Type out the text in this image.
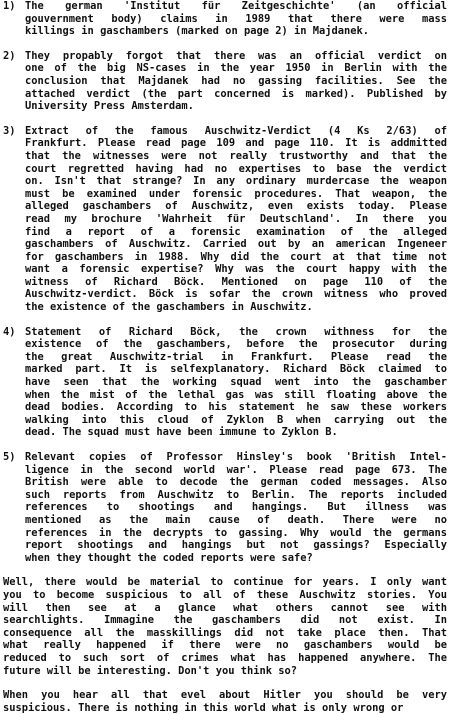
1) The german 'Institut für Zeitgeschichte' (an official
gouvernment body) claims in 1989 that there were mass
killings in gaschambers (marked on page 2) in Majdanek.
2) They propably forgot that there was an official verdict on
one of the big NS-cases in the year 1950 in Berlin with the
conclusion that Majdanek had no gassing facilities. See the
attached verdict (the part concerned is marked). Published by
University Press Amsterdam.
3) Extract of the famous Auschwitz-Verdict (4 Ks 2/63) of
Frankfurt. Please read page 109 and page 110. It is addmitted
that the witnesses were not really trustworthy and that the
court regretted having had no expertises to base the verdict
on. Isn't that strange? In any ordinary murdercase the weapon
must be examined under forensic procedures. That weapon, the
alleged gaschambers of Auschwitz, even exists today. Please
read my brochure 'Wahrheit für Deutschland'. In there you
find a report of a forensic examination of the alleged
gaschambers of Auschwitz. Carried out by an american Ingeneer
for gaschambers in 1988. Why did the court at that time not
want a forensic expertise? Why was the court happy with the
witness of Richard Böck. Mentioned on page 110 of the
Auschwitz-verdict. Böck is sofar the crown witness who proved
the existence of the gaschambers in Auschwitz.
4) Statement of Richard Böck, the crown withness for the
existence of the gaschambers, before the prosecutor during
the great Auschwitz-trial in Frankfurt. Please read the
marked part. It is selfexplanatory. Richard Böck claimed to
have seen that the working squad went into the gaschamber
when the mist of the lethal gas was still floating above the
dead bodies. According to his statement he saw these workers
walking into this cloud of Zyklon B when carrying out the
dead. The squad must have been immune to Zyklon B.
5) Relevant copies of Professor Hinsley's book 'British Intel-
ligence in the second world war'. Please read page 673. The
British were able to decode the german coded messages. Also
such reports from Auschwitz to Berlin. The reports included
references to shootings and hangings. But illness was
mentioned as the main cause of death. There were no
references in the decrypts to gassing. Why would the germans
report shootings and hangings but not gassings? Especially
when they thought the coded reports were safe?
Well, there would be material to continue for years. I only want
you to become suspicious to all of these Auschwitz stories. You
will then see at a glance what others cannot see with
searchlights. Immagine the gaschambers did not exist. In
consequence all the masskillings did not take place then. That
what really happened if there were no gaschambers would be
reduced to such sort of crimes what has happened anywhere. The
future will be interesting. Don't you think so?
When you hear all that evel about Hitler you should be very
suspicious. There is nothing in this world what is only wrong or
